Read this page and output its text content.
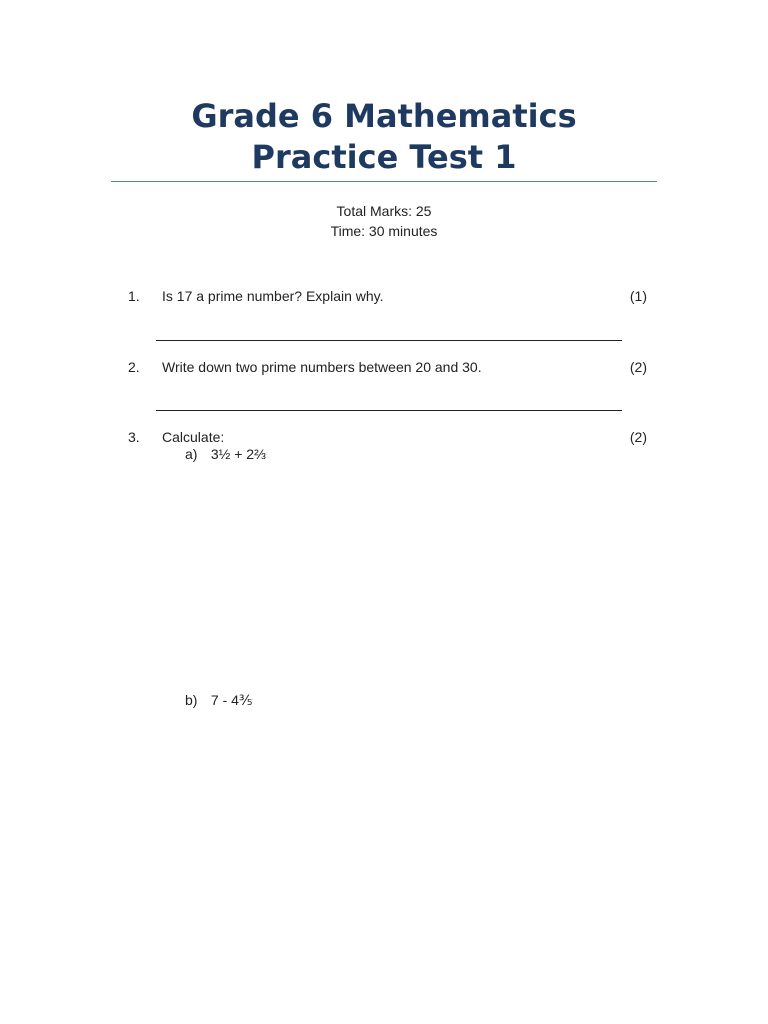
Grade 6 Mathematics
Practice Test 1
Total Marks: 25
Time: 30 minutes
1. Is 17 a prime number? Explain why.	(1)
2. Write down two prime numbers between 20 and 30.	(2)
3. Calculate:	(2)
a) 3½ + 2⅔
b) 7 - 4⅗
